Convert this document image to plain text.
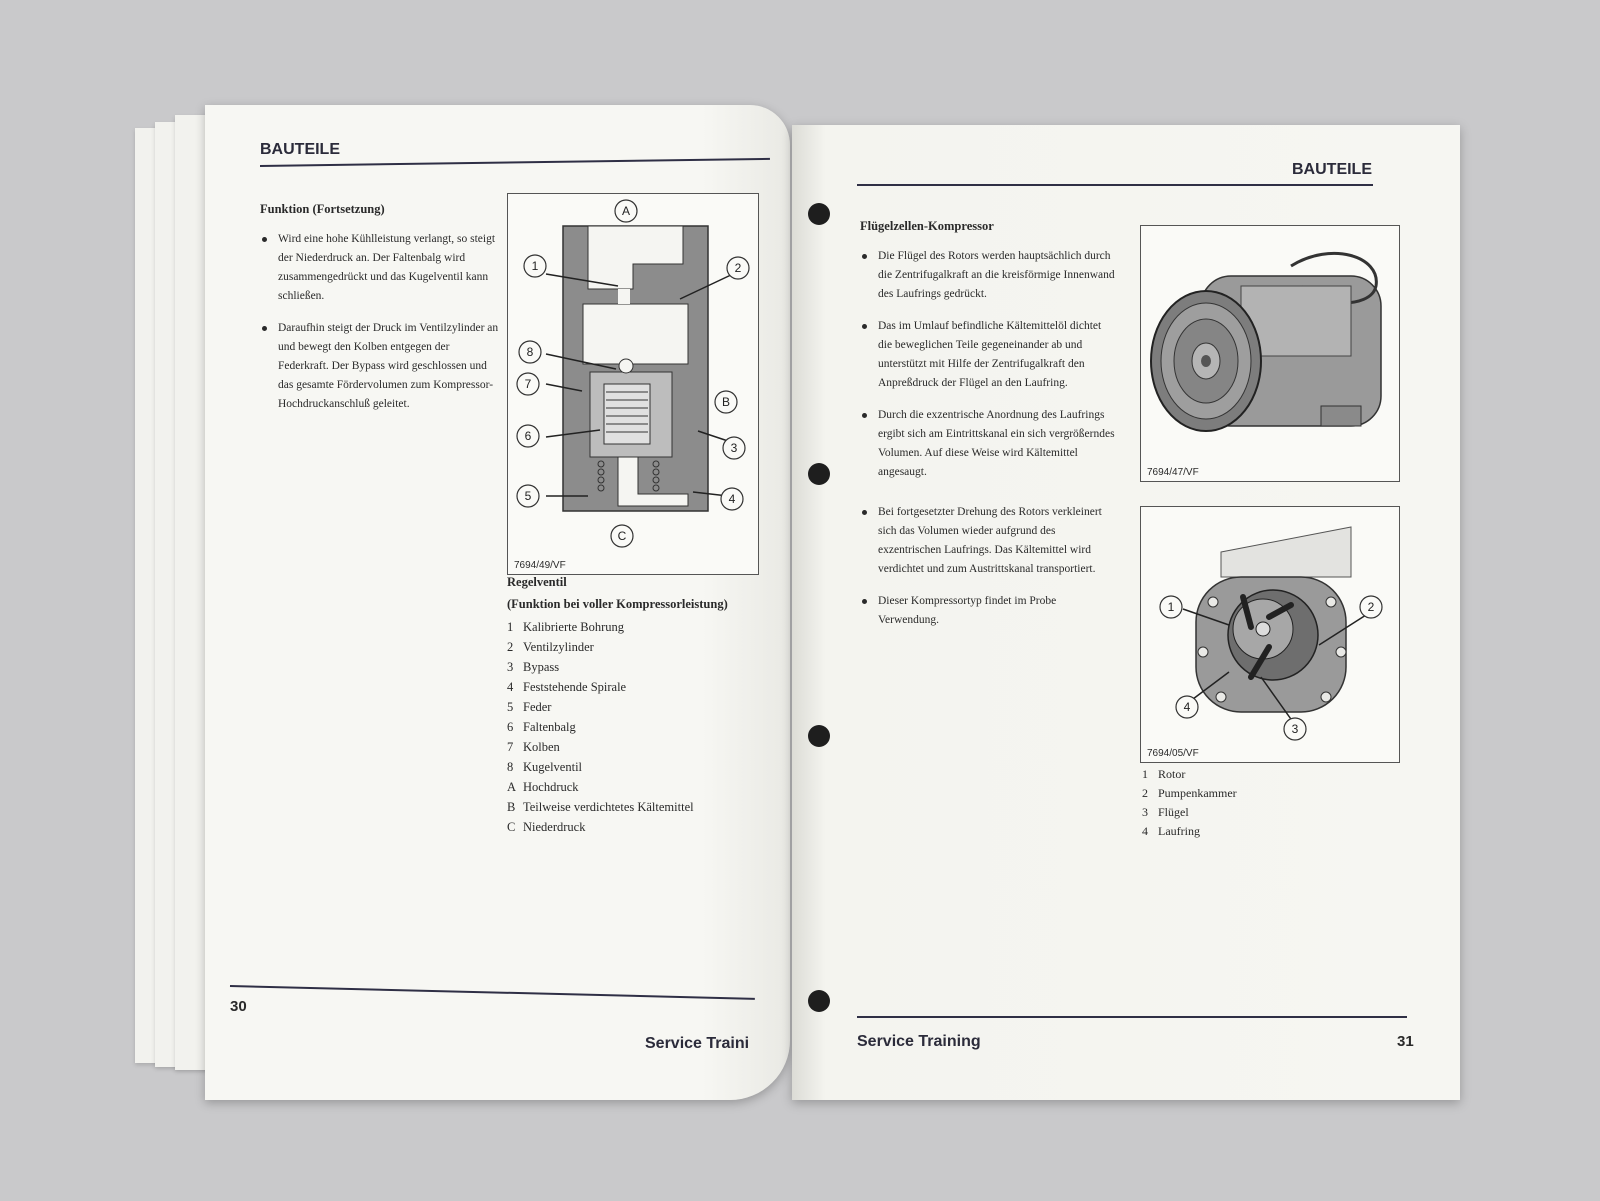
BAUTEILE
Funktion (Fortsetzung)
Wird eine hohe Kühlleistung verlangt, so steigt der Niederdruck an. Der Faltenbalg wird zusammengedrückt und das Kugelventil kann schließen.
Daraufhin steigt der Druck im Ventilzylinder an und bewegt den Kolben entgegen der Federkraft. Der Bypass wird geschlossen und das gesamte Fördervolumen zum Kompressor-Hochdruckanschluß geleitet.
A
1	2
8
7
B
6
3
5	4
C
7694/49/VF
Regelventil
(Funktion bei voller Kompressorleistung)
1 Kalibrierte Bohrung
2 Ventilzylinder
3 Bypass
4 Feststehende Spirale
5 Feder
6 Faltenbalg
7 Kolben
8 Kugelventil
A Hochdruck
B Teilweise verdichtetes Kältemittel
C Niederdruck
30
Service Traini
BAUTEILE
Flügelzellen-Kompressor
Die Flügel des Rotors werden hauptsächlich durch die Zentrifugalkraft an die kreisförmige Innenwand des Laufrings gedrückt.
Das im Umlauf befindliche Kältemittelöl dichtet die beweglichen Teile gegeneinander ab und unterstützt mit Hilfe der Zentrifugalkraft den Anpreßdruck der Flügel an den Laufring.
Durch die exzentrische Anordnung des Laufrings ergibt sich am Eintrittskanal ein sich vergrößerndes Volumen. Auf diese Weise wird Kältemittel angesaugt.
Bei fortgesetzter Drehung des Rotors verkleinert sich das Volumen wieder aufgrund des exzentrischen Laufrings. Das Kältemittel wird verdichtet und zum Austrittskanal transportiert.
Dieser Kompressortyp findet im Probe Verwendung.
7694/47/VF
1	2
4
3
7694/05/VF
1 Rotor
2 Pumpenkammer
3 Flügel
4 Laufring
Service Training	31
